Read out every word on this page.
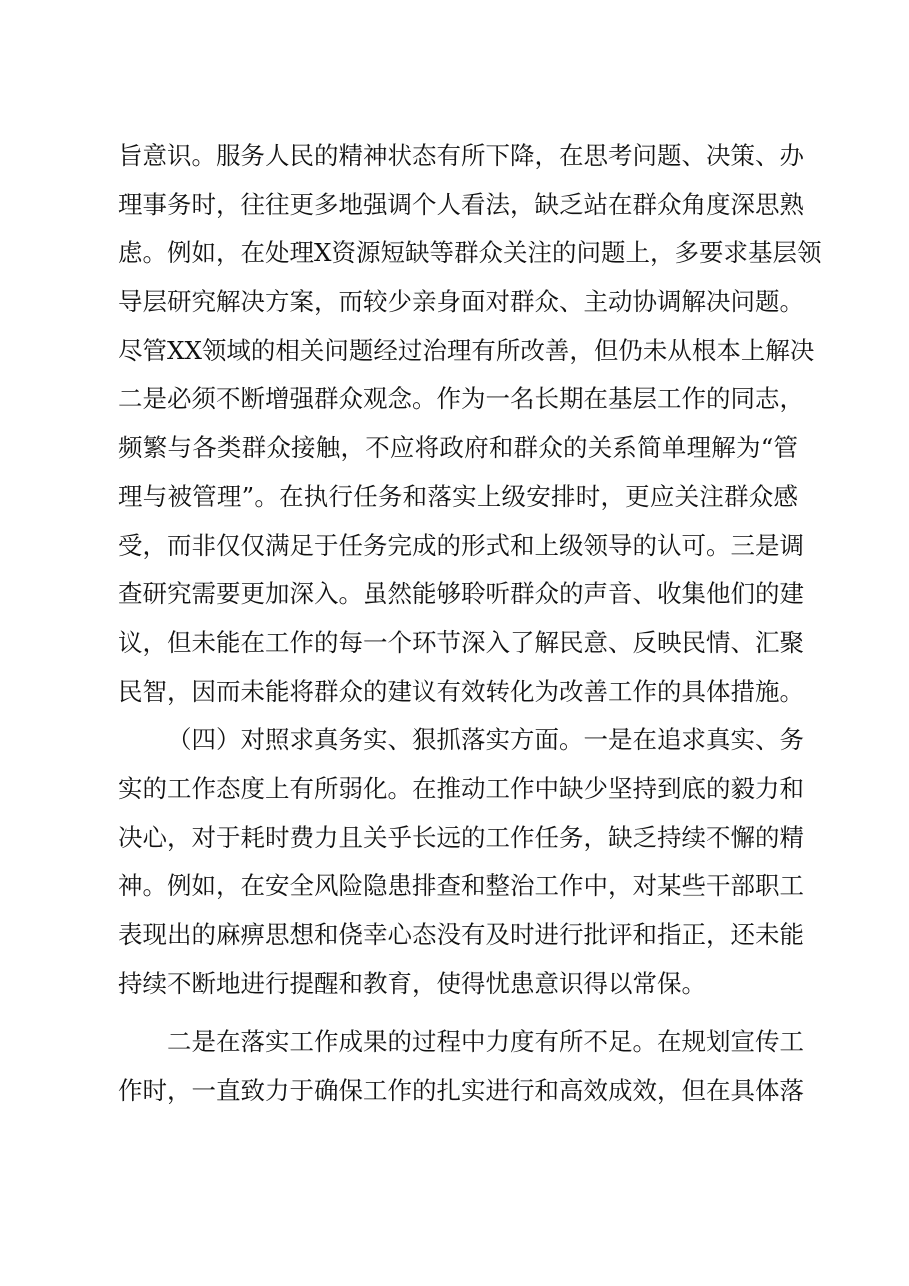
旨意识。服务人民的精神状态有所下降，在思考问题、决策、办
理事务时，往往更多地强调个人看法，缺乏站在群众角度深思熟
虑。例如，在处理X资源短缺等群众关注的问题上，多要求基层领
导层研究解决方案，而较少亲身面对群众、主动协调解决问题。
尽管XX领域的相关问题经过治理有所改善，但仍未从根本上解决
二是必须不断增强群众观念。作为一名长期在基层工作的同志，
频繁与各类群众接触，不应将政府和群众的关系简单理解为“管
理与被管理”。在执行任务和落实上级安排时，更应关注群众感
受，而非仅仅满足于任务完成的形式和上级领导的认可。三是调
查研究需要更加深入。虽然能够聆听群众的声音、收集他们的建
议，但未能在工作的每一个环节深入了解民意、反映民情、汇聚
民智，因而未能将群众的建议有效转化为改善工作的具体措施。
（四）对照求真务实、狠抓落实方面。一是在追求真实、务
实的工作态度上有所弱化。在推动工作中缺少坚持到底的毅力和
决心，对于耗时费力且关乎长远的工作任务，缺乏持续不懈的精
神。例如，在安全风险隐患排查和整治工作中，对某些干部职工
表现出的麻痹思想和侥幸心态没有及时进行批评和指正，还未能
持续不断地进行提醒和教育，使得忧患意识得以常保。
二是在落实工作成果的过程中力度有所不足。在规划宣传工
作时，一直致力于确保工作的扎实进行和高效成效，但在具体落
